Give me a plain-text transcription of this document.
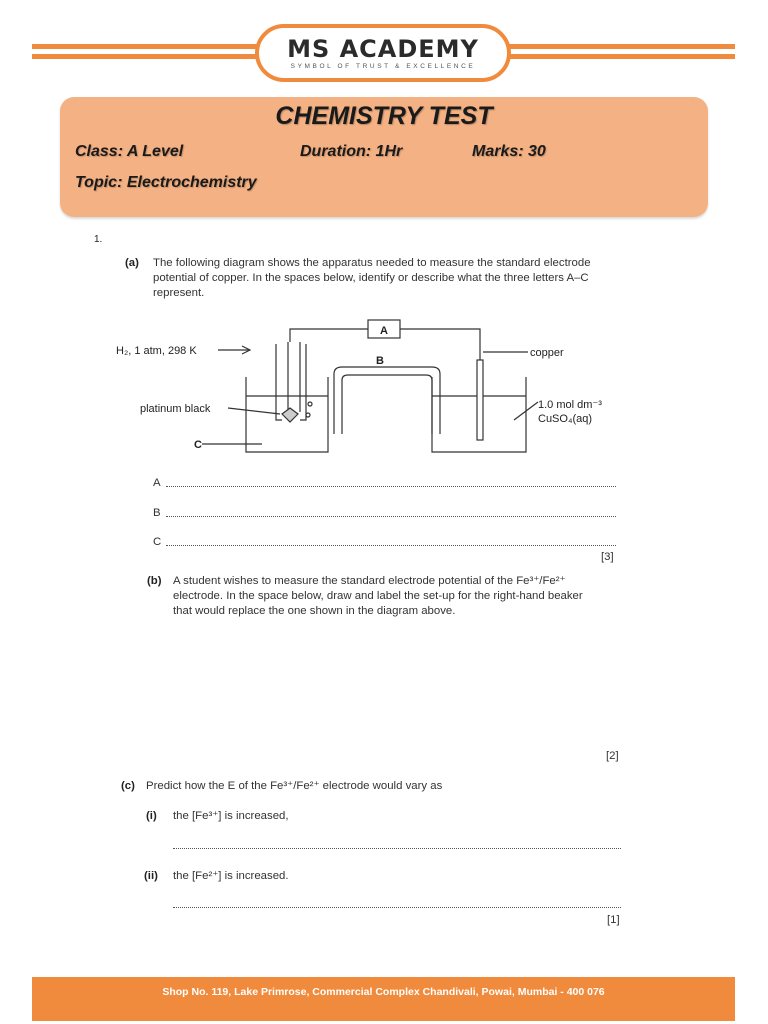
MS ACADEMY
SYMBOL OF TRUST & EXCELLENCE
CHEMISTRY TEST
Class: A Level	Duration: 1Hr	Marks: 30
Topic: Electrochemistry
1.
(a) The following diagram shows the apparatus needed to measure the standard electrode
potential of copper. In the spaces below, identify or describe what the three letters A–C
represent.
A
B
C
H₂, 1 atm, 298 K
platinum black
copper
1.0 mol dm⁻³
CuSO₄(aq)
A
B
C
[3]
(b) A student wishes to measure the standard electrode potential of the Fe³⁺/Fe²⁺
electrode. In the space below, draw and label the set-up for the right-hand beaker
that would replace the one shown in the diagram above.
[2]
(c) Predict how the E of the Fe³⁺/Fe²⁺ electrode would vary as
(i) the [Fe³⁺] is increased,
(ii) the [Fe²⁺] is increased.
[1]
Shop No. 119, Lake Primrose, Commercial Complex Chandivali, Powai, Mumbai - 400 076
